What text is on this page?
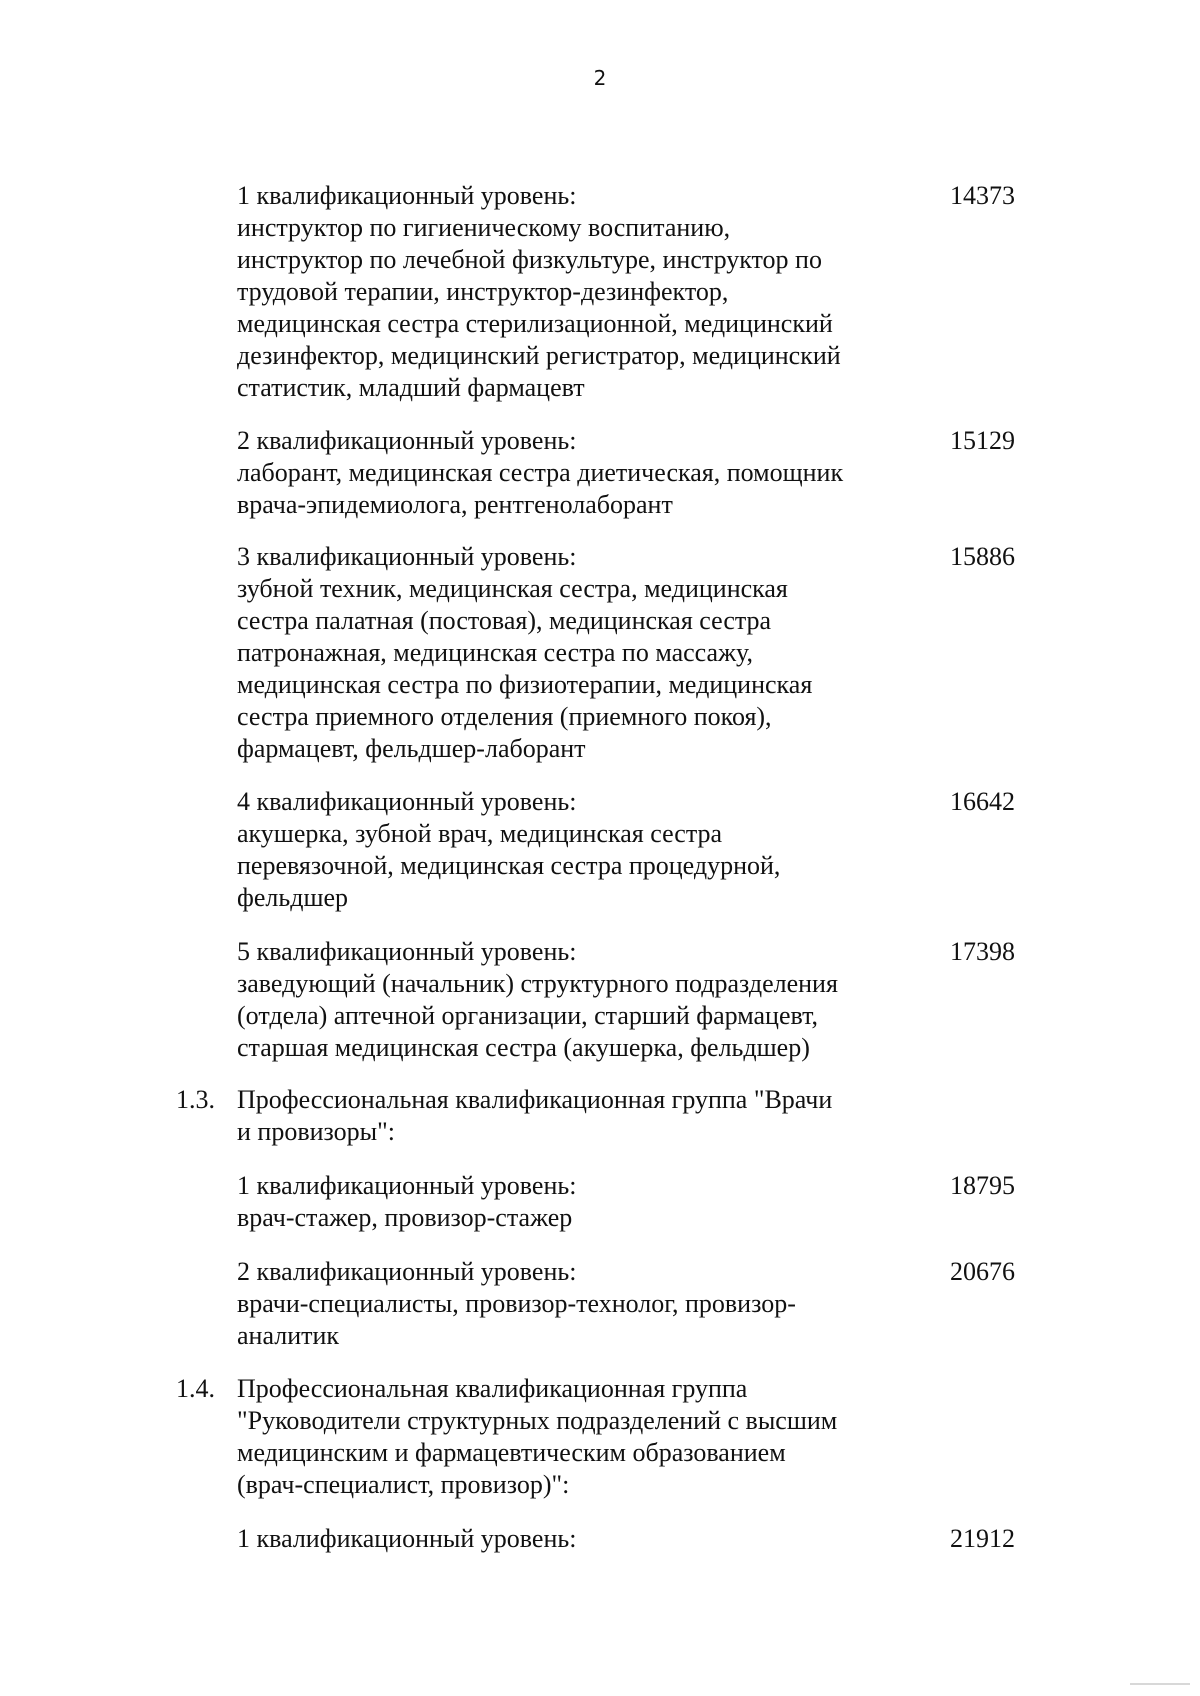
2
1 квалификационный уровень:
инструктор по гигиеническому воспитанию,
инструктор по лечебной физкультуре, инструктор по
трудовой терапии, инструктор-дезинфектор,
медицинская сестра стерилизационной, медицинский
дезинфектор, медицинский регистратор, медицинский
статистик, младший фармацевт
14373
2 квалификационный уровень:
лаборант, медицинская сестра диетическая, помощник
врача-эпидемиолога, рентгенолаборант
15129
3 квалификационный уровень:
зубной техник, медицинская сестра, медицинская
сестра палатная (постовая), медицинская сестра
патронажная, медицинская сестра по массажу,
медицинская сестра по физиотерапии, медицинская
сестра приемного отделения (приемного покоя),
фармацевт, фельдшер-лаборант
15886
4 квалификационный уровень:
акушерка, зубной врач, медицинская сестра
перевязочной, медицинская сестра процедурной,
фельдшер
16642
5 квалификационный уровень:
заведующий (начальник) структурного подразделения
(отдела) аптечной организации, старший фармацевт,
старшая медицинская сестра (акушерка, фельдшер)
17398
1.3. Профессиональная квалификационная группа "Врачи
и провизоры":
1 квалификационный уровень:
врач-стажер, провизор-стажер
18795
2 квалификационный уровень:
врачи-специалисты, провизор-технолог, провизор-
аналитик
20676
1.4. Профессиональная квалификационная группа
"Руководители структурных подразделений с высшим
медицинским и фармацевтическим образованием
(врач-специалист, провизор)":
1 квалификационный уровень:	21912
